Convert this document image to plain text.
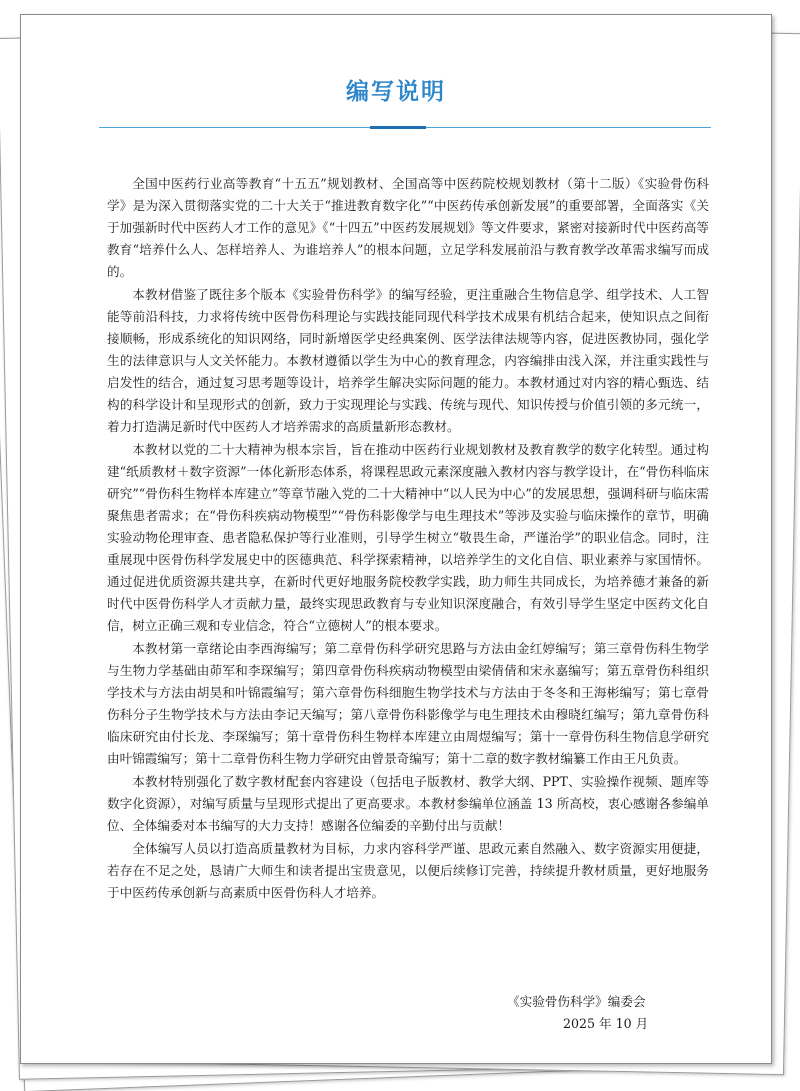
编写说明

全国中医药行业高等教育“十五五”规划教材、全国高等中医药院校规划教材（第十二版）《实验骨伤科学》是为深入贯彻落实党的二十大关于“推进教育数字化”“中医药传承创新发展”的重要部署，全面落实《关于加强新时代中医药人才工作的意见》《“十四五”中医药发展规划》等文件要求，紧密对接新时代中医药高等教育“培养什么人、怎样培养人、为谁培养人”的根本问题，立足学科发展前沿与教育教学改革需求编写而成的。

本教材借鉴了既往多个版本《实验骨伤科学》的编写经验，更注重融合生物信息学、组学技术、人工智能等前沿科技，力求将传统中医骨伤科理论与实践技能同现代科学技术成果有机结合起来，使知识点之间衔接顺畅，形成系统化的知识网络，同时新增医学史经典案例、医学法律法规等内容，促进医教协同，强化学生的法律意识与人文关怀能力。本教材遵循以学生为中心的教育理念，内容编排由浅入深，并注重实践性与启发性的结合，通过复习思考题等设计，培养学生解决实际问题的能力。本教材通过对内容的精心甄选、结构的科学设计和呈现形式的创新，致力于实现理论与实践、传统与现代、知识传授与价值引领的多元统一，着力打造满足新时代中医药人才培养需求的高质量新形态教材。

本教材以党的二十大精神为根本宗旨，旨在推动中医药行业规划教材及教育教学的数字化转型。通过构建“纸质教材＋数字资源”一体化新形态体系，将课程思政元素深度融入教材内容与教学设计，在“骨伤科临床研究”“骨伤科生物样本库建立”等章节融入党的二十大精神中“以人民为中心”的发展思想，强调科研与临床需聚焦患者需求；在“骨伤科疾病动物模型”“骨伤科影像学与电生理技术”等涉及实验与临床操作的章节，明确实验动物伦理审查、患者隐私保护等行业准则，引导学生树立“敬畏生命，严谨治学”的职业信念。同时，注重展现中医骨伤科学发展史中的医德典范、科学探索精神，以培养学生的文化自信、职业素养与家国情怀。通过促进优质资源共建共享，在新时代更好地服务院校教学实践，助力师生共同成长，为培养德才兼备的新时代中医骨伤科学人才贡献力量，最终实现思政教育与专业知识深度融合，有效引导学生坚定中医药文化自信，树立正确三观和专业信念，符合“立德树人”的根本要求。

本教材第一章绪论由李西海编写；第二章骨伤科学研究思路与方法由金红婷编写；第三章骨伤科生物学与生物力学基础由茆军和李琛编写；第四章骨伤科疾病动物模型由梁倩倩和宋永嘉编写；第五章骨伤科组织学技术与方法由胡昊和叶锦霞编写；第六章骨伤科细胞生物学技术与方法由于冬冬和王海彬编写；第七章骨伤科分子生物学技术与方法由李记天编写；第八章骨伤科影像学与电生理技术由穆晓红编写；第九章骨伤科临床研究由付长龙、李琛编写；第十章骨伤科生物样本库建立由周煜编写；第十一章骨伤科生物信息学研究由叶锦霞编写；第十二章骨伤科生物力学研究由曾景奇编写；第十二章的数字教材编纂工作由王凡负责。

本教材特别强化了数字教材配套内容建设（包括电子版教材、教学大纲、PPT、实验操作视频、题库等数字化资源），对编写质量与呈现形式提出了更高要求。本教材参编单位涵盖 13 所高校，衷心感谢各参编单位、全体编委对本书编写的大力支持！感谢各位编委的辛勤付出与贡献！

全体编写人员以打造高质量教材为目标，力求内容科学严谨、思政元素自然融入、数字资源实用便捷，若存在不足之处，恳请广大师生和读者提出宝贵意见，以便后续修订完善，持续提升教材质量，更好地服务于中医药传承创新与高素质中医骨伤科人才培养。

《实验骨伤科学》编委会
2025 年 10 月
